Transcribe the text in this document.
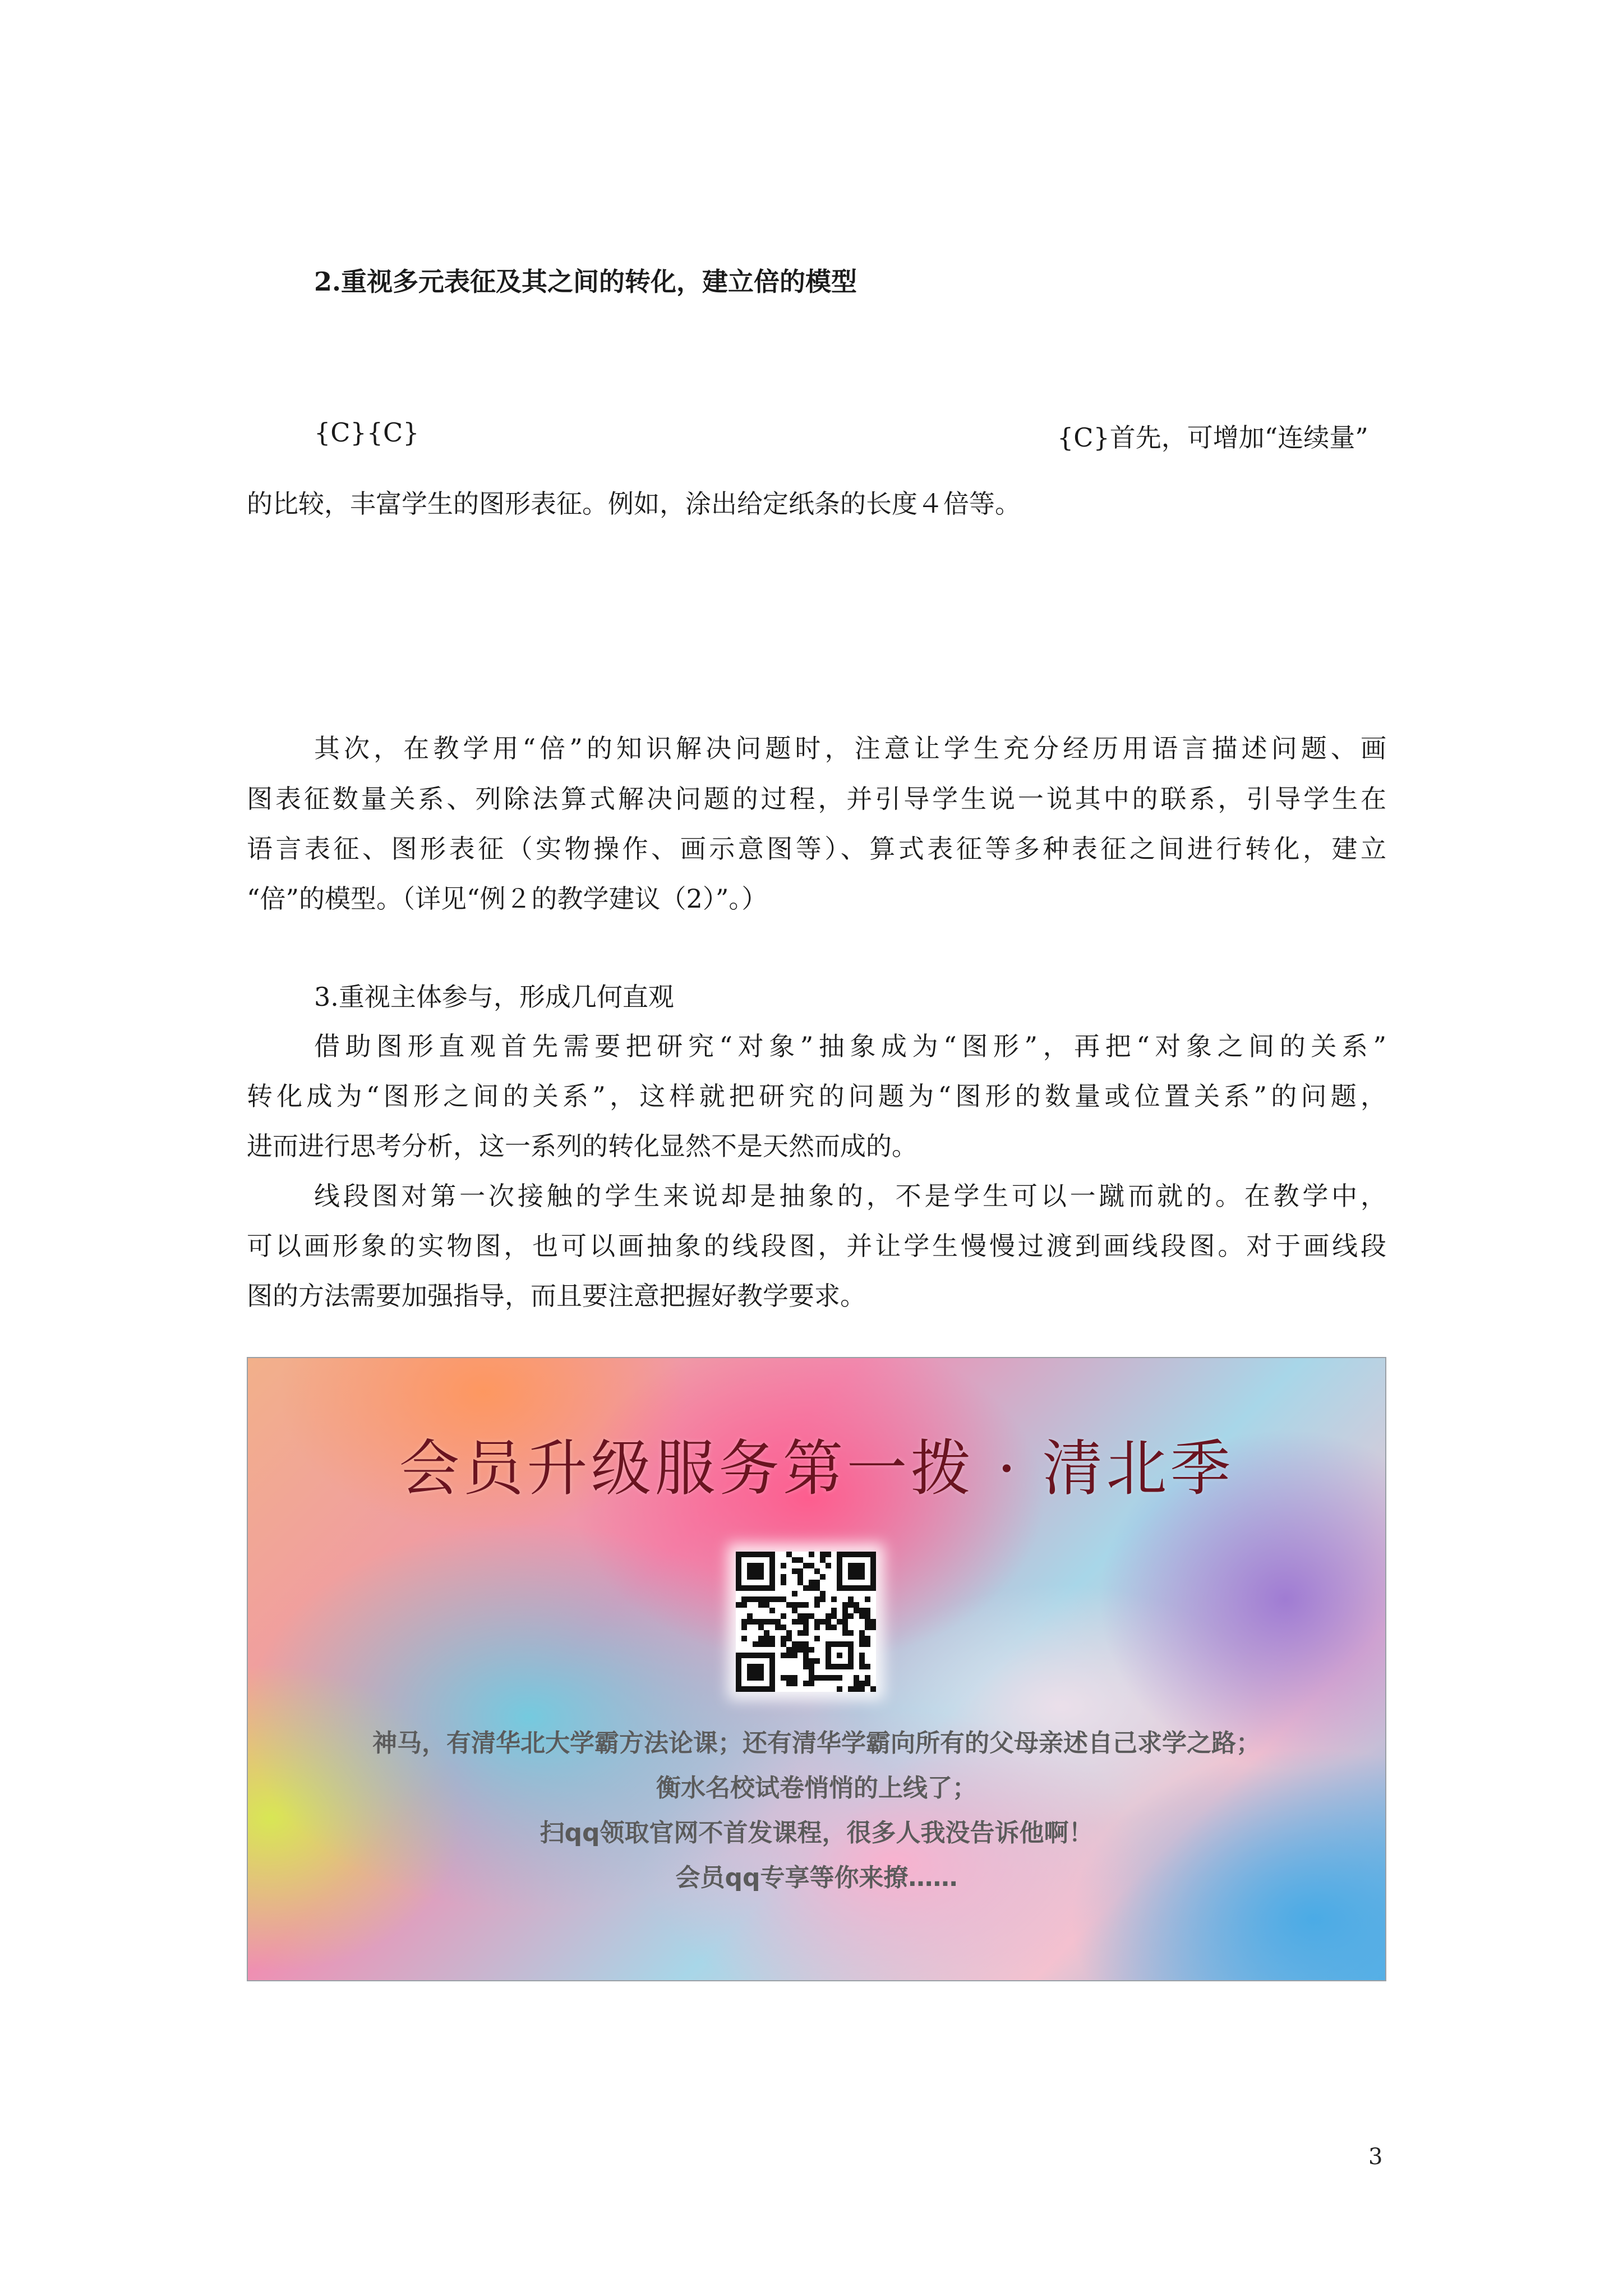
2.重视多元表征及其之间的转化，建立倍的模型
{C}{C}	{C}首先，可增加“连续量”
的比较，丰富学生的图形表征。例如，涂出给定纸条的长度４倍等。
其次，在教学用“倍”的知识解决问题时，注意让学生充分经历用语言描述问题、画
图表征数量关系、列除法算式解决问题的过程，并引导学生说一说其中的联系，引导学生在
语言表征、图形表征（实物操作、画示意图等）、算式表征等多种表征之间进行转化，建立
“倍”的模型。（详见“例２的教学建议（2）”。）
3.重视主体参与，形成几何直观
借助图形直观首先需要把研究“对象”抽象成为“图形”，再把“对象之间的关系”
转化成为“图形之间的关系”，这样就把研究的问题为“图形的数量或位置关系”的问题，
进而进行思考分析，这一系列的转化显然不是天然而成的。
线段图对第一次接触的学生来说却是抽象的，不是学生可以一蹴而就的。在教学中，
可以画形象的实物图，也可以画抽象的线段图，并让学生慢慢过渡到画线段图。对于画线段
图的方法需要加强指导，而且要注意把握好教学要求。
会员升级服务第一拨 · 清北季
神马，有清华北大学霸方法论课；还有清华学霸向所有的父母亲述自己求学之路；
衡水名校试卷悄悄的上线了；
扫qq领取官网不首发课程，很多人我没告诉他啊！
会员qq专享等你来撩……
3
